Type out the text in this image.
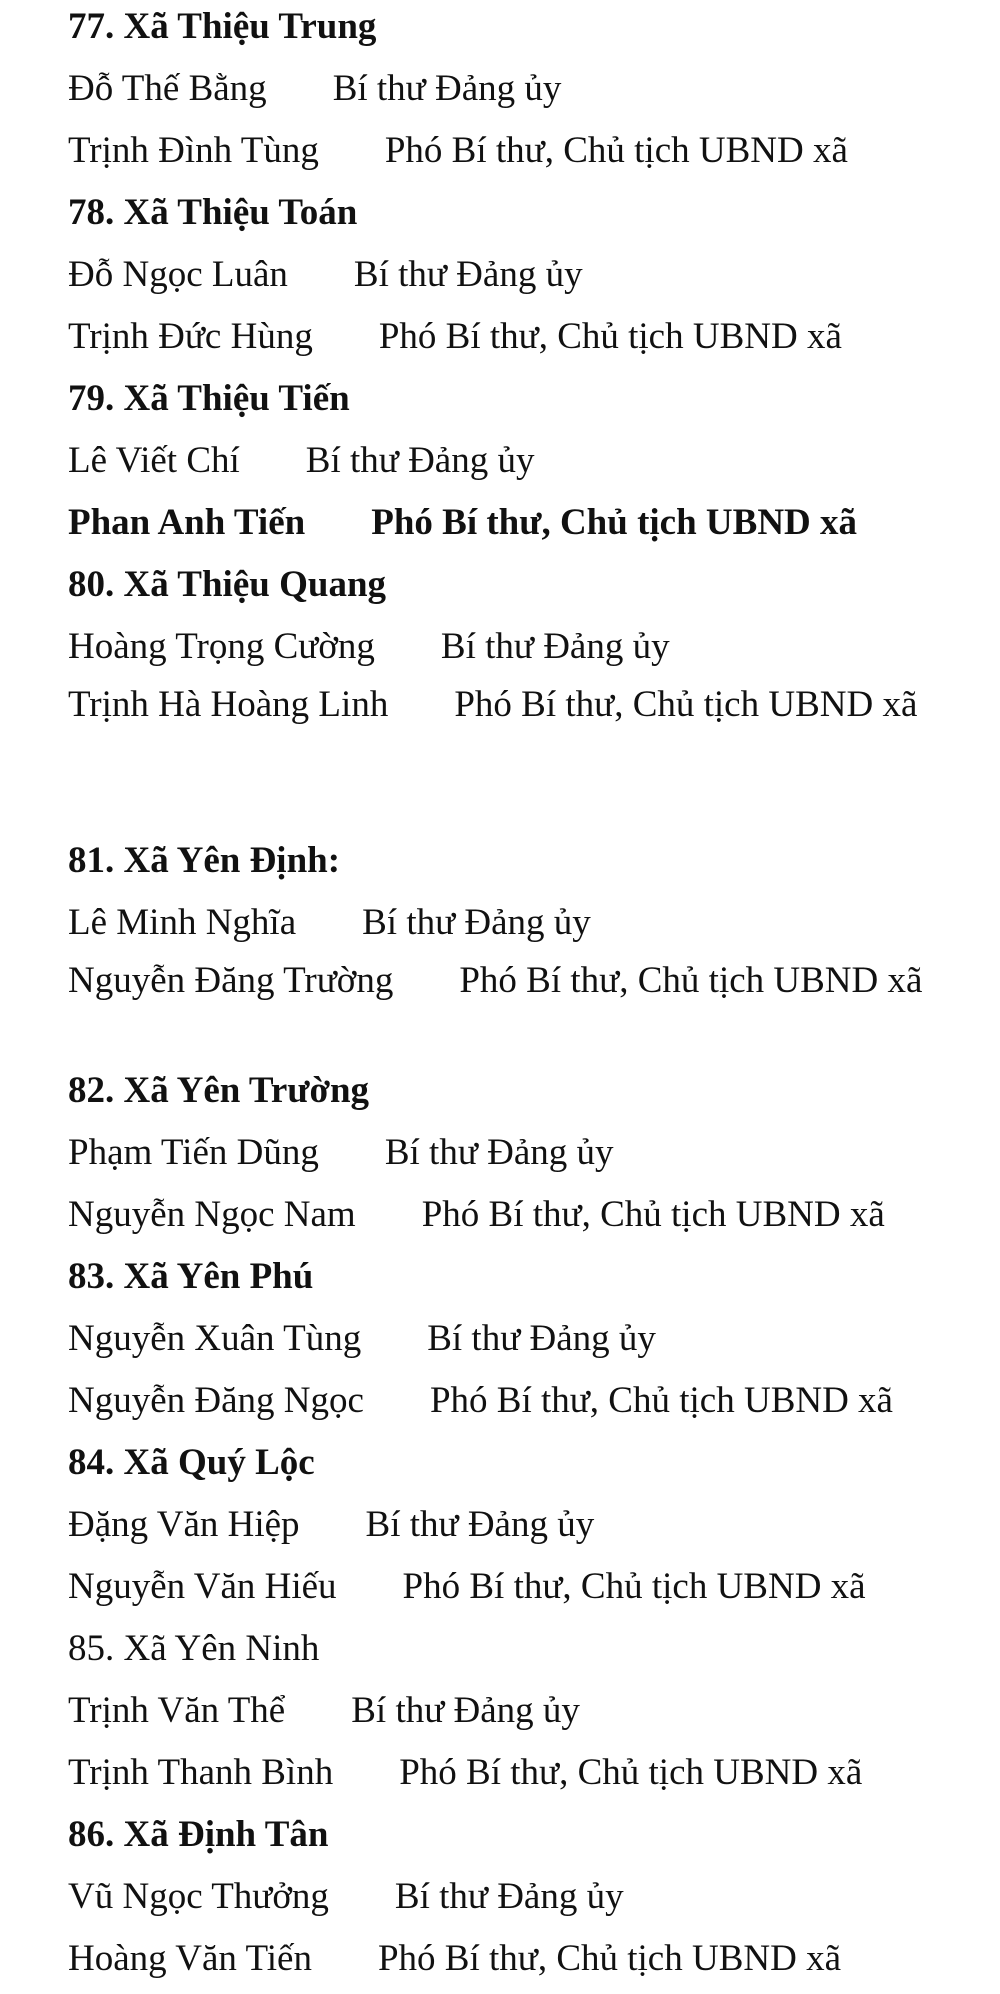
77. Xã Thiệu Trung
Đỗ Thế Bằng Bí thư Đảng ủy
Trịnh Đình Tùng Phó Bí thư, Chủ tịch UBND xã
78. Xã Thiệu Toán
Đỗ Ngọc Luân Bí thư Đảng ủy
Trịnh Đức Hùng Phó Bí thư, Chủ tịch UBND xã
79. Xã Thiệu Tiến
Lê Viết Chí Bí thư Đảng ủy
Phan Anh Tiến Phó Bí thư, Chủ tịch UBND xã
80. Xã Thiệu Quang
Hoàng Trọng Cường Bí thư Đảng ủy
Trịnh Hà Hoàng Linh Phó Bí thư, Chủ tịch UBND xã
81. Xã Yên Định:
Lê Minh Nghĩa Bí thư Đảng ủy
Nguyễn Đăng Trường Phó Bí thư, Chủ tịch UBND xã
82. Xã Yên Trường
Phạm Tiến Dũng Bí thư Đảng ủy
Nguyễn Ngọc Nam Phó Bí thư, Chủ tịch UBND xã
83. Xã Yên Phú
Nguyễn Xuân Tùng Bí thư Đảng ủy
Nguyễn Đăng Ngọc Phó Bí thư, Chủ tịch UBND xã
84. Xã Quý Lộc
Đặng Văn Hiệp Bí thư Đảng ủy
Nguyễn Văn Hiếu Phó Bí thư, Chủ tịch UBND xã
85. Xã Yên Ninh
Trịnh Văn Thể Bí thư Đảng ủy
Trịnh Thanh Bình Phó Bí thư, Chủ tịch UBND xã
86. Xã Định Tân
Vũ Ngọc Thưởng Bí thư Đảng ủy
Hoàng Văn Tiến Phó Bí thư, Chủ tịch UBND xã
